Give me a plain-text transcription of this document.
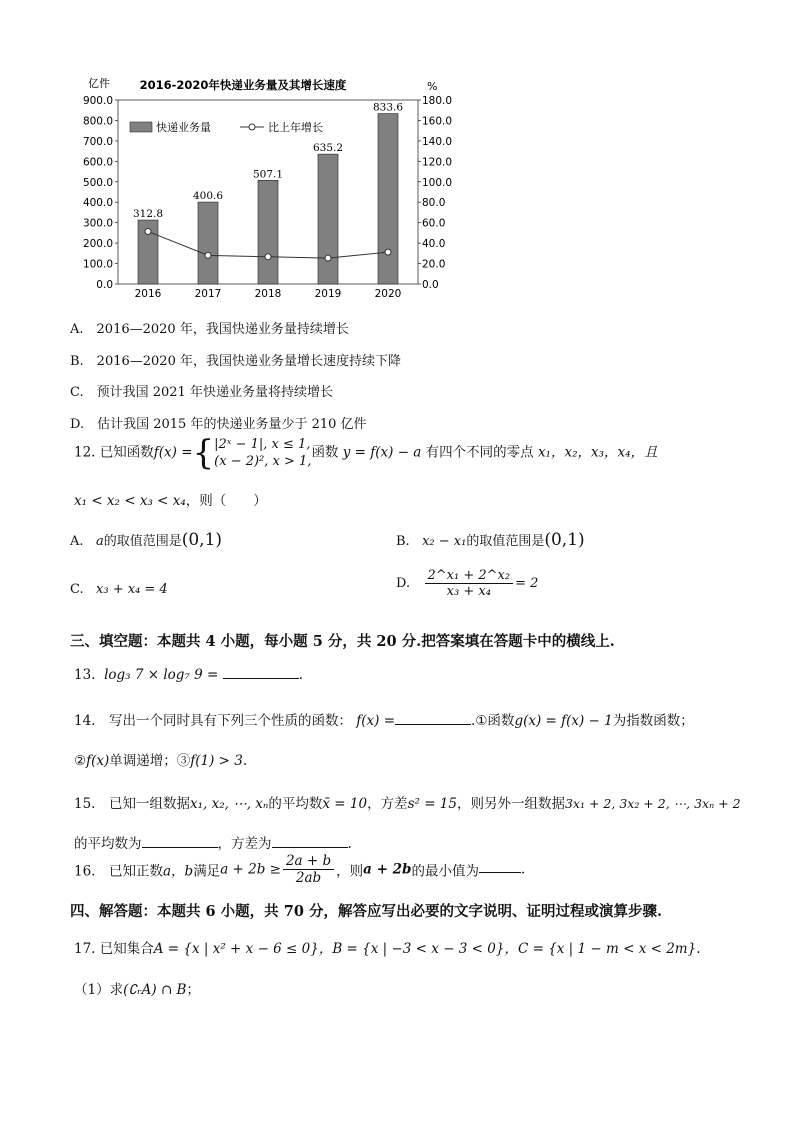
2016-2020年快递业务量及其增长速度
亿件	%
0.0
100.0
200.0
300.0
400.0
500.0
600.0
700.0
800.0
900.0
0.0
20.0
40.0
60.0
80.0
100.0
120.0
140.0
160.0
180.0
2016	2017	2018	2019	2020
312.8
400.6
507.1
635.2
833.6
快递业务量	比上年增长
A.　2016—2020 年，我国快递业务量持续增长
B.　2016—2020 年，我国快递业务量增长速度持续下降
C.　预计我国 2021 年快递业务量将持续增长
D.　估计我国 2015 年的快递业务量少于 210 亿件
12. 已知函数f(x) ={ |2ˣ − 1|, x ≤ 1,
(x − 2)², x > 1,
函数 y = f(x) − a 有四个不同的零点 x₁，x₂，x₃，x₄，且
x₁ < x₂ < x₃ < x₄，则（　　）
A. a的取值范围是(0,1)	B. x₂ − x₁的取值范围是(0,1)
C. x₃ + x₄ = 4	D. $\frac{\text{2\textasciicircum{}x₁ + 2\textasciicircum{}x₂}}{\text{x₃ + x₄}} = 2$
三、填空题：本题共 4 小题，每小题 5 分，共 20 分.把答案填在答题卡中的横线上.
13. log₃ 7 × log₇ 9 =	.
14.　写出一个同时具有下列三个性质的函数： f(x) =	.①函数g(x) = f(x) − 1为指数函数；
②f(x)单调递增；③f(1) > 3.
15.　已知一组数据x₁, x₂, ⋯, xₙ的平均数x̄ = 10，方差s² = 15，则另外一组数据3x₁ + 2, 3x₂ + 2, ⋯, 3xₙ + 2
的平均数为	，方差为	.
16.　已知正数a，b满足$a + 2b \ge \frac{2a + b}{2ab}$ ，则a + 2b的最小值为	.
四、解答题：本题共 6 小题，共 70 分，解答应写出必要的文字说明、证明过程或演算步骤.
17. 已知集合A = {x | x² + x − 6 ≤ 0}，B = {x | −3 < x − 3 < 0}，C = {x | 1 − m < x < 2m}.
（1）求(∁ᵣA) ∩ B；
